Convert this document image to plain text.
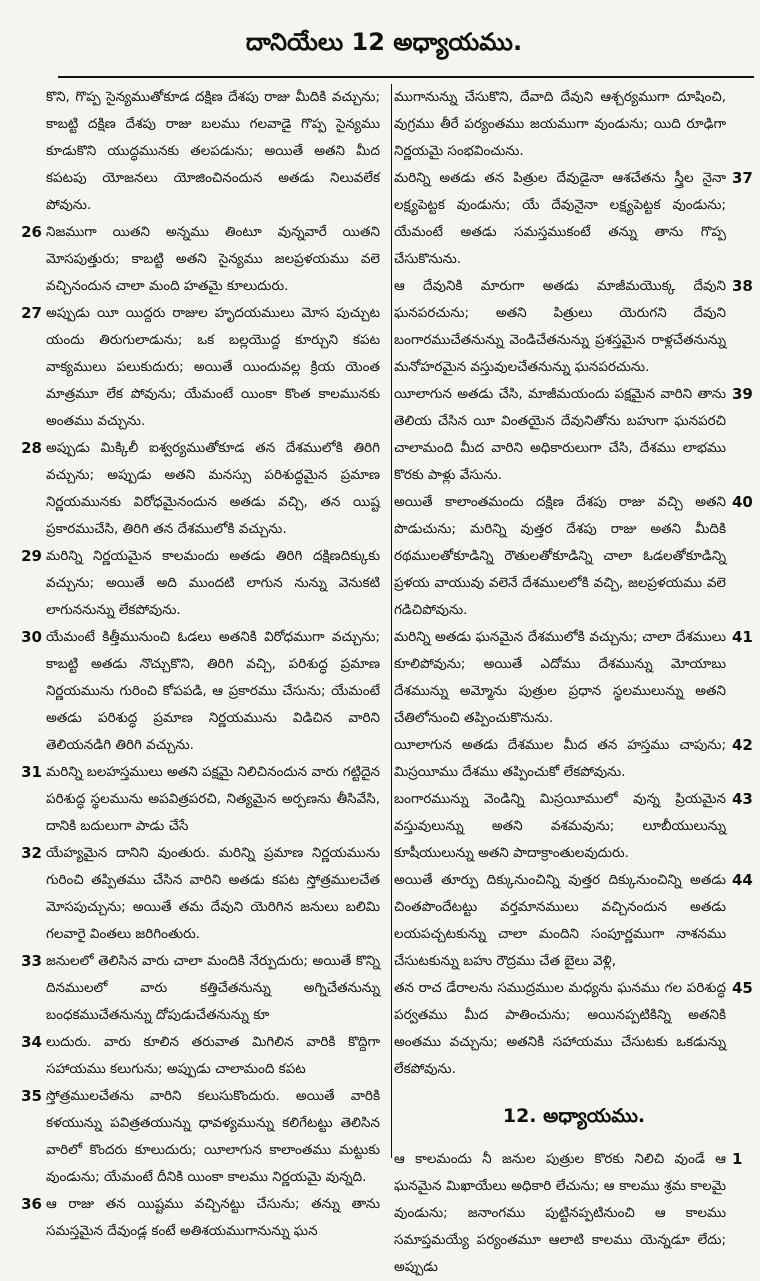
దానియేలు 12 అధ్యాయము.
కొని, గొప్ప సైన్యముతోకూడ దక్షిణ దేశపు రాజు మీదికి వచ్చును; కాబట్టి దక్షిణ దేశపు రాజు బలము గలవాడై గొప్ప సైన్యము కూడుకొని యుద్ధమునకు తలపడును; అయితే అతని మీద కపటపు యోజనలు యోజించినందున అతడు నిలువలేక పోవును.
26 నిజముగా యితని అన్నము తింటూ వున్నవారే యితని మోసపుత్తురు; కాబట్టి అతని సైన్యము జలప్రళయము వలె వచ్చినందున చాలా మంది హతమై కూలుదురు.
27 అప్పుడు యీ యిద్దరు రాజుల హృదయములు మోస పుచ్చుట యందు తిరుగులాడును; ఒక బల్లయొద్ద కూర్చుని కపట వాక్యములు పలుకుదురు; అయితే యిందువల్ల క్రియ యెంత మాత్రమూ లేక పోవును; యేమంటే యింకా కొంత కాలమునకు అంతము వచ్చును.
28 అప్పుడు మిక్కిలీ ఐశ్వర్యముతోకూడ తన దేశములోకి తిరిగి వచ్చును; అప్పుడు అతని మనస్సు పరిశుద్ధమైన ప్రమాణ నిర్ణయమునకు విరోధమైనందున అతడు వచ్చి, తన యిష్ట ప్రకారముచేసి, తిరిగి తన దేశములోకి వచ్చును.
29 మరిన్ని నిర్ణయమైన కాలమందు అతడు తిరిగి దక్షిణదిక్కుకు వచ్చును; అయితే అది ముందటి లాగున నున్ను వెనుకటి లాగుననున్ను లేకపోవును.
30 యేమంటే కిత్తీమునుంచి ఓడలు అతనికి విరోధముగా వచ్చును; కాబట్టి అతడు నొచ్చుకొని, తిరిగి వచ్చి, పరిశుద్ధ ప్రమాణ నిర్ణయమును గురించి కోపపడి, ఆ ప్రకారము చేసును; యేమంటే అతడు పరిశుద్ధ ప్రమాణ నిర్ణయమును విడిచిన వారిని తెలియనడిగి తిరిగి వచ్చును.
31 మరిన్ని బలహస్తములు అతని పక్షమై నిలిచినందున వారు గట్టిదైన పరిశుద్ధ స్థలమును అపవిత్రపరచి, నిత్యమైన అర్పణను తీసివేసి, దానికి బదులుగా పాడు చేసే
32 యేహ్యమైన దానిని వుంతురు. మరిన్ని ప్రమాణ నిర్ణయమును గురించి తప్పితము చేసిన వారిని అతడు కపట స్తోత్రములచేత మోసపుచ్చును; అయితే తమ దేవుని యెరిగిన జనులు బలిమి గలవారై వింతలు జరిగింతురు.
33 జనులలో తెలిసిన వారు చాలా మందికి నేర్పుదురు; అయితే కొన్ని దినములలో వారు కత్తిచేతనున్ను అగ్నిచేతనున్ను బంధకముచేతనున్ను దోపుడుచేతనున్ను కూ
34 లుదురు. వారు కూలిన తరువాత మిగిలిన వారికి కొద్దిగా సహాయము కలుగును; అప్పుడు చాలామంది కపట
35 స్తోత్రములచేతను వారిని కలుసుకొందురు. అయితే వారికి కళయున్ను పవిత్రతయున్ను ధావళ్యమున్ను కలిగేటట్టు తెలిసిన వారిలో కొందరు కూలుదురు; యీలాగున కాలాంతము మట్టుకు వుండును; యేమంటే దీనికి యింకా కాలము నిర్ణయమై వున్నది.
36 ఆ రాజు తన యిష్టము వచ్చినట్టు చేసును; తన్ను తాను సమస్తమైన దేవుండ్ల కంటే అతిశయముగానున్ను ఘన
ముగానున్ను చేసుకొని, దేవాది దేవుని ఆశ్చర్యముగా దూషించి, వుగ్రము తీరే పర్యంతము జయముగా వుండును; యిది రూఢిగా నిర్ణయమై సంభవించును.
37
మరిన్ని అతడు తన పిత్రుల దేవుడైనా ఆశచేతను స్త్రీల నైనా లక్ష్యపెట్టక వుండును; యే దేవునైనా లక్ష్యపెట్టక వుండును; యేమంటే అతడు సమస్తముకంటే తన్ను తాను గొప్ప చేసుకొనును.
38
ఆ దేవునికి మారుగా అతడు మాజీమయొక్క దేవుని ఘనపరచును; అతని పిత్రులు యెరుగని దేవుని బంగారముచేతనున్ను వెండిచేతనున్ను ప్రశస్తమైన రాళ్లచేతనున్ను మనోహరమైన వస్తువులచేతనున్ను ఘనపరచును.
39
యీలాగున అతడు చేసి, మాజీమయందు పక్షమైన వారిని తాను తెలియ చేసిన యీ వింతయైన దేవునితోను బహుగా ఘనపరచి చాలామంది మీద వారిని అధికారులుగా చేసి, దేశము లాభము కొరకు పాళ్లు వేసును.
40
అయితే కాలాంతమందు దక్షిణ దేశపు రాజు వచ్చి అతని పొడుచును; మరిన్ని వుత్తర దేశపు రాజు అతని మీదికి రథములతోకూడిన్ని రౌతులతోకూడిన్ని చాలా ఓడలతోకూడిన్ని ప్రళయ వాయువు వలెనే దేశములలోకి వచ్చి, జలప్రళయము వలె గడిచిపోవును.
41
మరిన్ని అతడు ఘనమైన దేశములోకి వచ్చును; చాలా దేశములు కూలిపోవును; అయితే ఎదోము దేశమున్ను మోయాబు దేశమున్ను అమ్మోను పుత్రుల ప్రధాన స్థలములున్ను అతని చేతిలోనుంచి తప్పించుకొనును.
42
యీలాగున అతడు దేశముల మీద తన హస్తము చాపును; మిస్రయీము దేశము తప్పించుకో లేకపోవును.
43
బంగారమున్ను వెండిన్ని మిస్రయీములో వున్న ప్రియమైన వస్తువులున్ను అతని వశమవును; లూబీయులున్ను కూషీయులున్ను అతని పాదాక్రాంతులవుదురు.
44
అయితే తూర్పు దిక్కునుంచిన్ని వుత్తర దిక్కునుంచిన్ని అతడు చింతపొందేటట్టు వర్తమానములు వచ్చినందున అతడు లయపచ్చటకున్ను చాలా మందిని సంపూర్ణముగా నాశనము చేసుటకున్ను బహు రౌద్రము చేత బైలు వెళ్లి,
45
తన రాచ డేరాలను సముద్రముల మధ్యను ఘనము గల పరిశుద్ధ పర్వతము మీద పాతించును; అయినప్పటికిన్ని అతనికి అంతము వచ్చును; అతనికి సహాయము చేసుటకు ఒకడున్ను లేకపోవును.
12. అధ్యాయము.
1
ఆ కాలమందు నీ జనుల పుత్రుల కొరకు నిలిచి వుండే ఆ ఘనమైన మిఖాయేలు అధికారి లేచును; ఆ కాలము శ్రమ కాలమై వుండును; జనాంగము పుట్టినప్పటినుంచి ఆ కాలము సమాప్తమయ్యే పర్యంతమూ ఆలాటి కాలము యెన్నడూ లేదు; అప్పుడు
